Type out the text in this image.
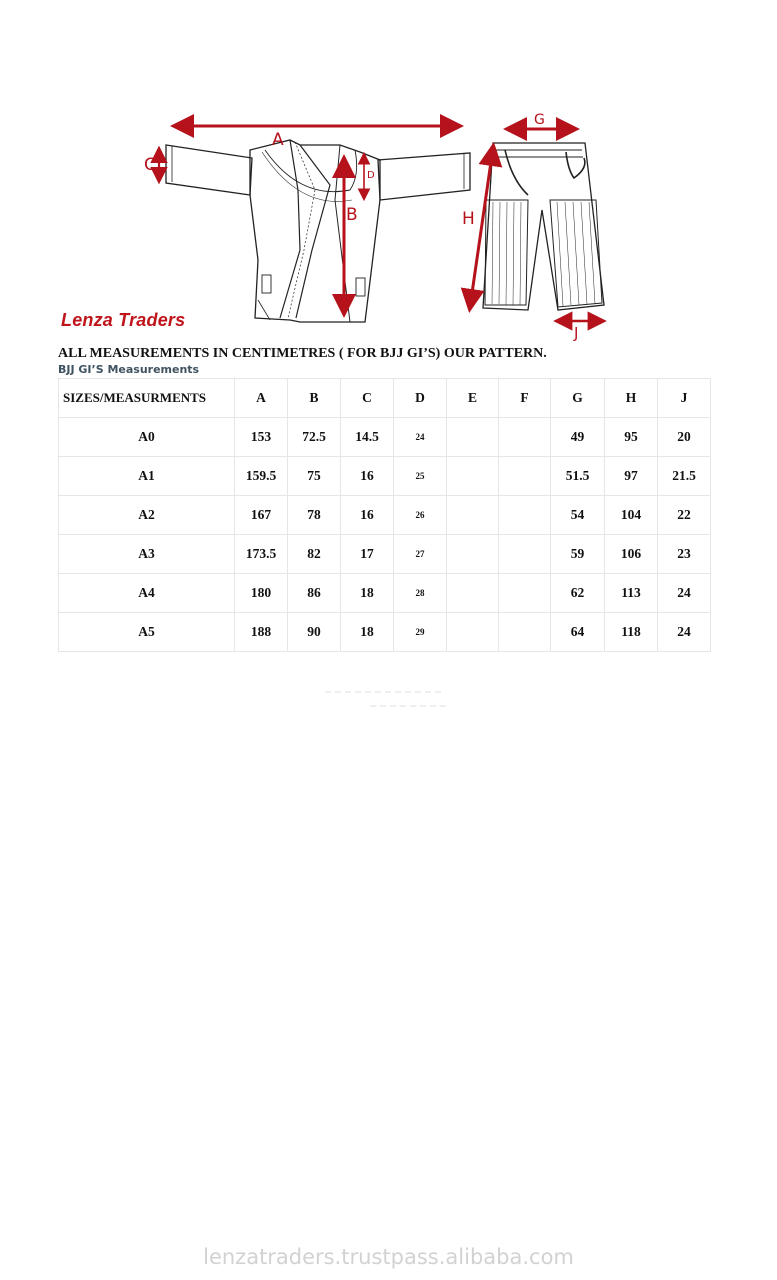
A
C
D
B
G
H
J
Lenza Traders
ALL MEASUREMENTS IN CENTIMETRES ( FOR BJJ GI’S) OUR PATTERN.
BJJ GI’S Measurements
SIZES/MEASURMENTS	A	B	C	D	E	F	G	H	J
A0	153	72.5	14.5	24			49	95	20
A1	159.5	75	16	25			51.5	97	21.5
A2	167	78	16	26			54	104	22
A3	173.5	82	17	27			59	106	23
A4	180	86	18	28			62	113	24
A5	188	90	18	29			64	118	24
lenzatraders.trustpass.alibaba.com
